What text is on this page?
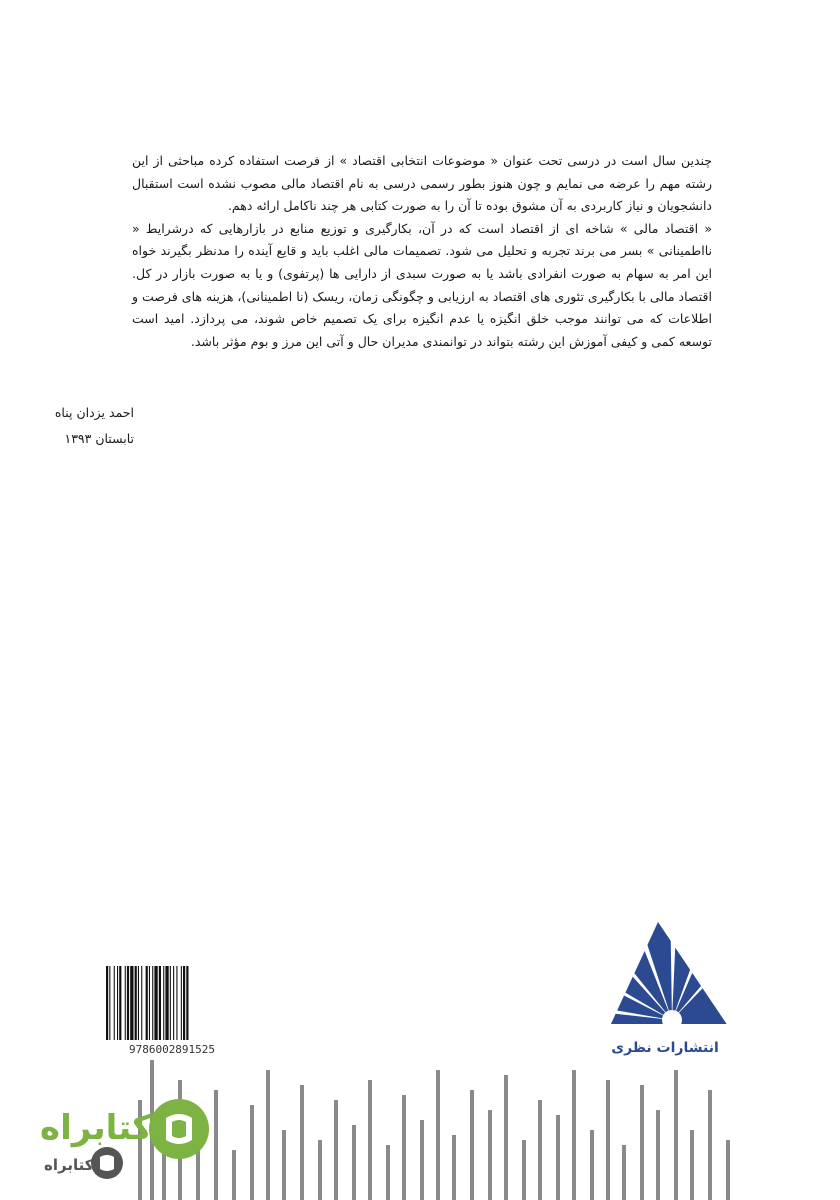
چندین سال است در درسی تحت عنوان « موضوعات انتخابی اقتصاد » از فرصت استفاده کرده مباحثی از این رشته مهم را عرضه می نمایم و چون هنوز بطور رسمی درسی به نام اقتصاد مالی مصوب نشده است استقبال دانشجویان و نیاز کاربردی به آن مشوق بوده تا آن را به صورت کتابی هر چند ناکامل ارائه دهم.

« اقتصاد مالی » شاخه ای از اقتصاد است که در آن، بکارگیری و توزیع منابع در بازارهایی که درشرایط « نااطمینانی » بسر می برند تجربه و تحلیل می شود. تصمیمات مالی اغلب باید و قایع آینده را مدنظر بگیرند خواه این امر به سهام به صورت انفرادی باشد یا به صورت سبدی از دارایی ها (پرتفوی) و یا به صورت بازار در کل. اقتصاد مالی با بکارگیری تئوری های اقتصاد به ارزیابی و چگونگی زمان، ریسک (نا اطمینانی)، هزینه های فرصت و اطلاعات که می توانند موجب خلق انگیزه یا عدم انگیزه برای یک تصمیم خاص شوند، می پردازد. امید است توسعه کمی و کیفی آموزش این رشته بتواند در توانمندی مدیران حال و آتی این مرز و بوم مؤثر باشد.

احمد یزدان پناه
تابستان ۱۳۹۳
انتشارات نظری
9786002891525
کتابراه
کتابراه
